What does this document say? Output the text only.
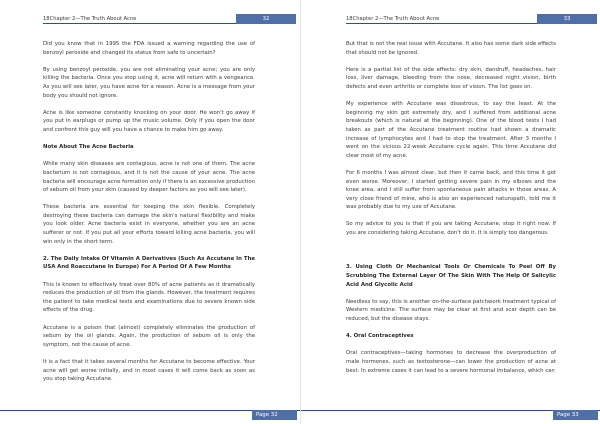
18Chapter 2—The Truth About Acne	32

Did you know that in 1995 the FDA issued a warning regarding the use of benzoyl peroxide and changed its status from safe to uncertain?

By using benzoyl peroxide, you are not eliminating your acne; you are only killing the bacteria. Once you stop using it, acne will return with a vengeance. As you will see later, you have acne for a reason. Acne is a message from your body you should not ignore.

Acne is like someone constantly knocking on your door. He won't go away if you put in earplugs or pump up the music volume. Only if you open the door and confront this guy will you have a chance to make him go away.

Note About The Acne Bacteria

While many skin diseases are contagious, acne is not one of them. The acne bacterium is not contagious, and it is not the cause of your acne. The acne bacteria will encourage acne formation only if there is an excessive production of sebum oil from your skin (caused by deeper factors as you will see later).

These bacteria are essential for keeping the skin flexible. Completely destroying these bacteria can damage the skin's natural flexibility and make you look older. Acne bacteria exist in everyone, whether you are an acne sufferer or not. If you put all your efforts toward killing acne bacteria, you will win only in the short term.

2. The Daily Intake Of Vitamin A Derivatives (Such As Accutane In The USA And Roaccutane In Europe) For A Period Of A Few Months

This is known to effectively treat over 80% of acne patients as it dramatically reduces the production of oil from the glands. However, the treatment requires the patient to take medical tests and examinations due to severe known side effects of the drug.

Accutane is a poison that (almost) completely eliminates the production of sebum by the oil glands. Again, the production of sebum oil is only the symptom, not the cause of acne.

It is a fact that it takes several months for Accutane to become effective. Your acne will get worse initially, and in most cases it will come back as soon as you stop taking Accutane.

Page 32
18Chapter 2—The Truth About Acne	33

But that is not the real issue with Accutane. It also has some dark side effects that should not be ignored.

Here is a partial list of the side effects: dry skin, dandruff, headaches, hair loss, liver damage, bleeding from the nose, decreased night vision, birth defects and even arthritis or complete loss of vision. The list goes on.

My experience with Accutane was disastrous, to say the least. At the beginning my skin got extremely dry, and I suffered from additional acne breakouts (which is natural at the beginning). One of the blood tests I had taken as part of the Accutane treatment routine had shown a dramatic increase of lymphocytes and I had to stop the treatment. After 3 months I went on the vicious 22-week Accutane cycle again. This time Accutane did clear most of my acne.

For 6 months I was almost clear, but then it came back, and this time it got even worse. Moreover, I started getting severe pain in my elbows and the knee area, and I still suffer from spontaneous pain attacks in those areas. A very close friend of mine, who is also an experienced naturopath, told me it was probably due to my use of Accutane.

So my advice to you is that if you are taking Accutane, stop it right now. If you are considering taking Accutane, don't do it. It is simply too dangerous.

3. Using Cloth Or Mechanical Tools Or Chemicals To Peel Off By Scrubbing The External Layer Of The Skin With The Help Of Salicylic Acid And Glycolic Acid

Needless to say, this is another on-the-surface patchwork treatment typical of Western medicine. The surface may be clear at first and scar depth can be reduced, but the disease stays.

4. Oral Contraceptives

Oral contraceptives—taking hormones to decrease the overproduction of male hormones, such as testosterone—can lower the production of acne at best. In extreme cases it can lead to a severe hormonal imbalance, which can

Page 33
